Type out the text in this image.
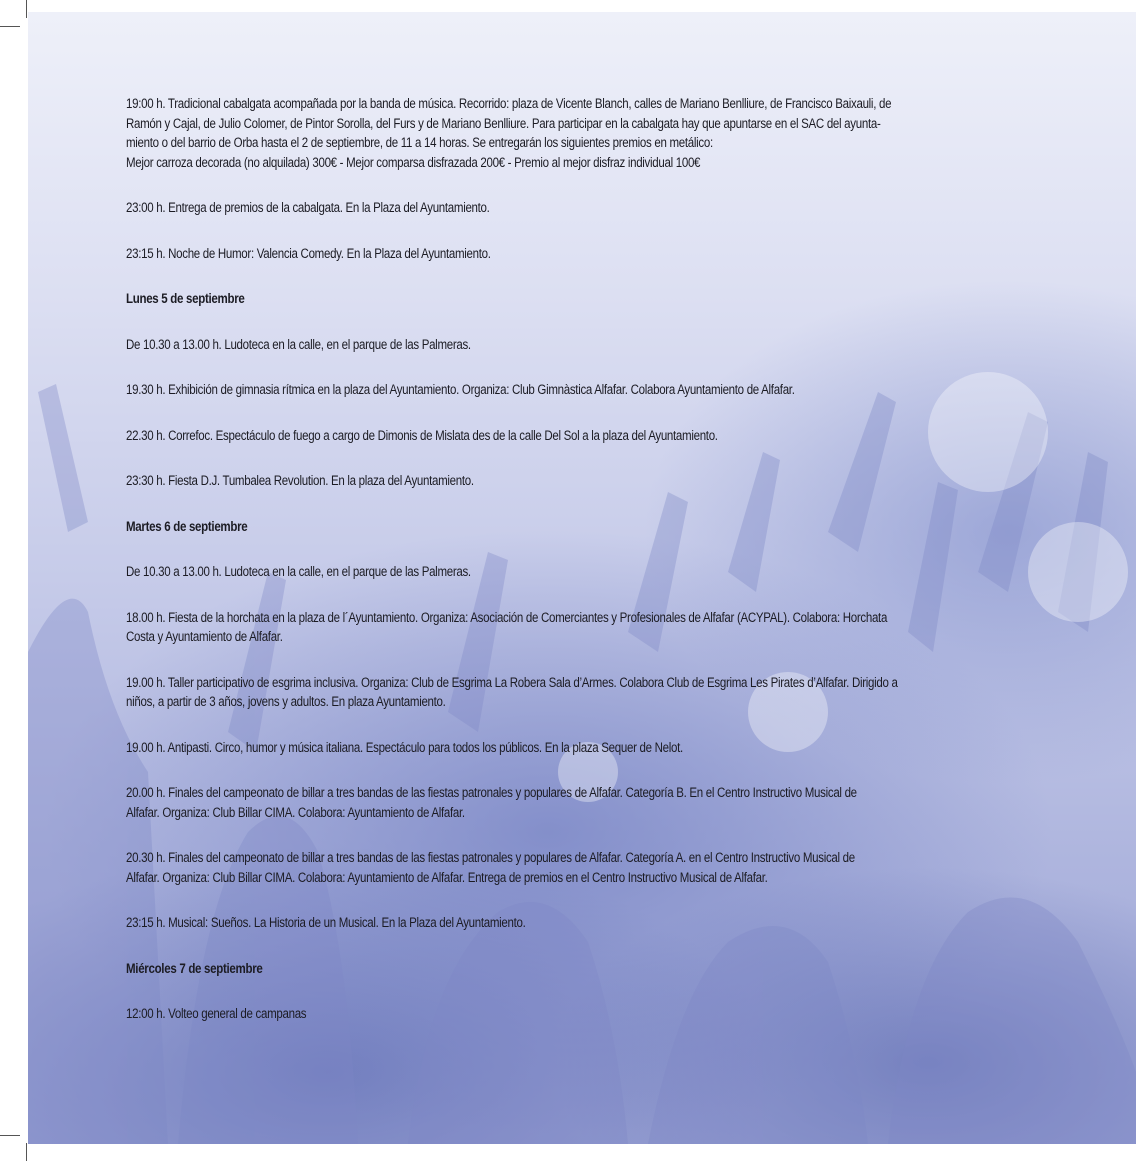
19:00 h. Tradicional cabalgata acompañada por la banda de música. Recorrido: plaza de Vicente Blanch, calles de Mariano Benlliure, de Francisco Baixauli, de
Ramón y Cajal, de Julio Colomer, de Pintor Sorolla, del Furs y de Mariano Benlliure. Para participar en la cabalgata hay que apuntarse en el SAC del ayunta-
miento o del barrio de Orba hasta el 2 de septiembre, de 11 a 14 horas. Se entregarán los siguientes premios en metálico:
Mejor carroza decorada (no alquilada) 300€ - Mejor comparsa disfrazada 200€ - Premio al mejor disfraz individual 100€

23:00 h. Entrega de premios de la cabalgata. En la Plaza del Ayuntamiento.

23:15 h. Noche de Humor: Valencia Comedy. En la Plaza del Ayuntamiento.

Lunes 5 de septiembre

De 10.30 a 13.00 h. Ludoteca en la calle, en el parque de las Palmeras.

19.30 h. Exhibición de gimnasia rítmica en la plaza del Ayuntamiento. Organiza: Club Gimnàstica Alfafar. Colabora Ayuntamiento de Alfafar.

22.30 h. Correfoc. Espectáculo de fuego a cargo de Dimonis de Mislata des de la calle Del Sol a la plaza del Ayuntamiento.

23:30 h. Fiesta D.J. Tumbalea Revolution. En la plaza del Ayuntamiento.

Martes 6 de septiembre

De 10.30 a 13.00 h. Ludoteca en la calle, en el parque de las Palmeras.

18.00 h. Fiesta de la horchata en la plaza de l´Ayuntamiento. Organiza: Asociación de Comerciantes y Profesionales de Alfafar (ACYPAL). Colabora: Horchata
Costa y Ayuntamiento de Alfafar.

19.00 h. Taller participativo de esgrima inclusiva. Organiza: Club de Esgrima La Robera Sala d’Armes. Colabora Club de Esgrima Les Pirates d’Alfafar. Dirigido a
niños, a partir de 3 años, jovens y adultos. En plaza Ayuntamiento.

19.00 h. Antipasti. Circo, humor y música italiana. Espectáculo para todos los públicos. En la plaza Sequer de Nelot.

20.00 h. Finales del campeonato de billar a tres bandas de las fiestas patronales y populares de Alfafar. Categoría B. En el Centro Instructivo Musical de
Alfafar. Organiza: Club Billar CIMA. Colabora: Ayuntamiento de Alfafar.

20.30 h. Finales del campeonato de billar a tres bandas de las fiestas patronales y populares de Alfafar. Categoría A. en el Centro Instructivo Musical de
Alfafar. Organiza: Club Billar CIMA. Colabora: Ayuntamiento de Alfafar. Entrega de premios en el Centro Instructivo Musical de Alfafar.

23:15 h. Musical: Sueños. La Historia de un Musical. En la Plaza del Ayuntamiento.

Miércoles 7 de septiembre

12:00 h. Volteo general de campanas
